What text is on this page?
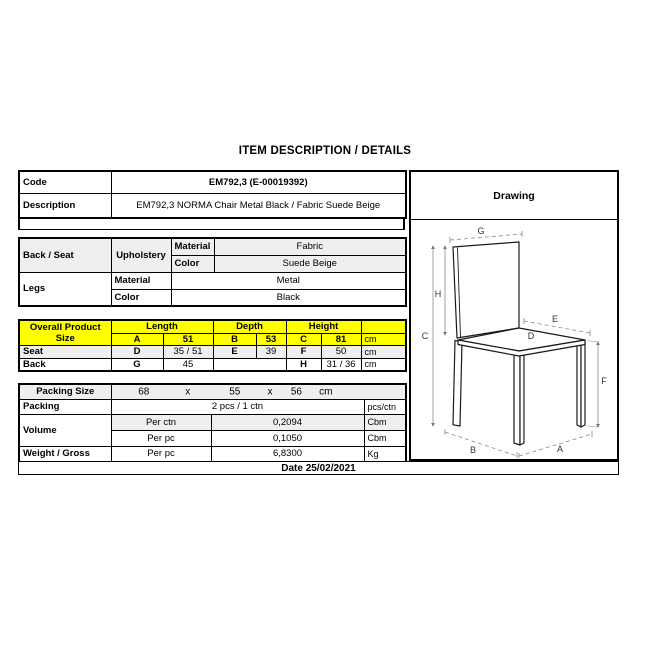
ITEM DESCRIPTION / DETAILS
Code	EM792,3 (E-00019392)
Description	EM792,3 NORMA Chair Metal Black / Fabric Suede Beige
Back / Seat	Upholstery	Material	Fabric
		Color	Suede Beige
Legs	Material	Metal	
	Color	Black	
Overall Product
Size	Length		Depth		Height		
	A	51	B	53	C	81	cm
Seat	D	35 / 51	E	39	F	50	cm
Back	G	45			H	31 / 36	cm
Packing Size	68	x	55	x 56 cm

Packing	2 pcs / 1 ctn		pcs/ctn
Volume	Per ctn	0,2094	Cbm
	Per pc	0,1050	Cbm
Weight / Gross	Per pc	6,8300	Kg
Date 25/02/2021
Drawing
G
H
C
E
D
F
B	A
